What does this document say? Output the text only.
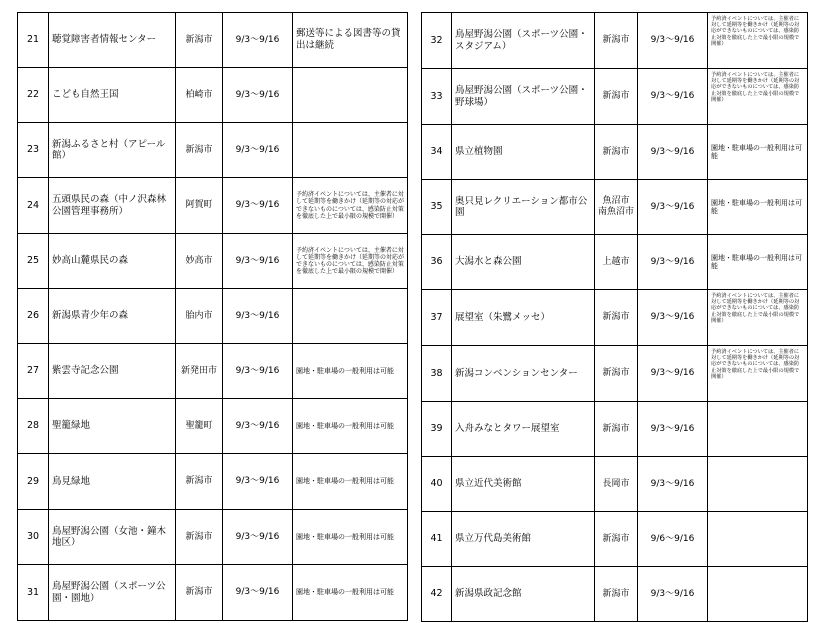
21	聴覚障害者情報センター	新潟市	9/3～9/16	郵送等による図書等の貸出は継続
22	こども自然王国	柏崎市	9/3～9/16	
23	新潟ふるさと村（アピール館）	新潟市	9/3～9/16	
24	五頭県民の森（中ノ沢森林公園管理事務所）	阿賀町	9/3～9/16	予約済イベントについては、主催者に対して延期等を働きかけ（延期等の対応ができないものについては、感染防止対策を徹底した上で最小限の規模で開催）
25	妙高山麓県民の森	妙高市	9/3～9/16	予約済イベントについては、主催者に対して延期等を働きかけ（延期等の対応ができないものについては、感染防止対策を徹底した上で最小限の規模で開催）
26	新潟県青少年の森	胎内市	9/3～9/16	
27	紫雲寺記念公園	新発田市	9/3～9/16	園地・駐車場の一般利用は可能
28	聖籠緑地	聖籠町	9/3～9/16	園地・駐車場の一般利用は可能
29	鳥見緑地	新潟市	9/3～9/16	園地・駐車場の一般利用は可能
30	鳥屋野潟公園（女池・鐘木地区）	新潟市	9/3～9/16	園地・駐車場の一般利用は可能
31	鳥屋野潟公園（スポーツ公園・園地）	新潟市	9/3～9/16	園地・駐車場の一般利用は可能
32	鳥屋野潟公園（スポーツ公園・スタジアム）	新潟市	9/3～9/16	予約済イベントについては、主催者に対して延期等を働きかけ（延期等の対応ができないものについては、感染防止対策を徹底した上で最小限の規模で開催）
33	鳥屋野潟公園（スポーツ公園・野球場）	新潟市	9/3～9/16	予約済イベントについては、主催者に対して延期等を働きかけ（延期等の対応ができないものについては、感染防止対策を徹底した上で最小限の規模で開催）
34	県立植物園	新潟市	9/3～9/16	園地・駐車場の一般利用は可能
35	奥只見レクリエーション都市公園	魚沼市 南魚沼市	9/3～9/16	園地・駐車場の一般利用は可能
36	大潟水と森公園	上越市	9/3～9/16	園地・駐車場の一般利用は可能
37	展望室（朱鷺メッセ）	新潟市	9/3～9/16	予約済イベントについては、主催者に対して延期等を働きかけ（延期等の対応ができないものについては、感染防止対策を徹底した上で最小限の規模で開催）
38	新潟コンベンションセンター	新潟市	9/3～9/16	予約済イベントについては、主催者に対して延期等を働きかけ（延期等の対応ができないものについては、感染防止対策を徹底した上で最小限の規模で開催）
39	入舟みなとタワー展望室	新潟市	9/3～9/16	
40	県立近代美術館	長岡市	9/3～9/16	
41	県立万代島美術館	新潟市	9/6～9/16	
42	新潟県政記念館	新潟市	9/3～9/16	
